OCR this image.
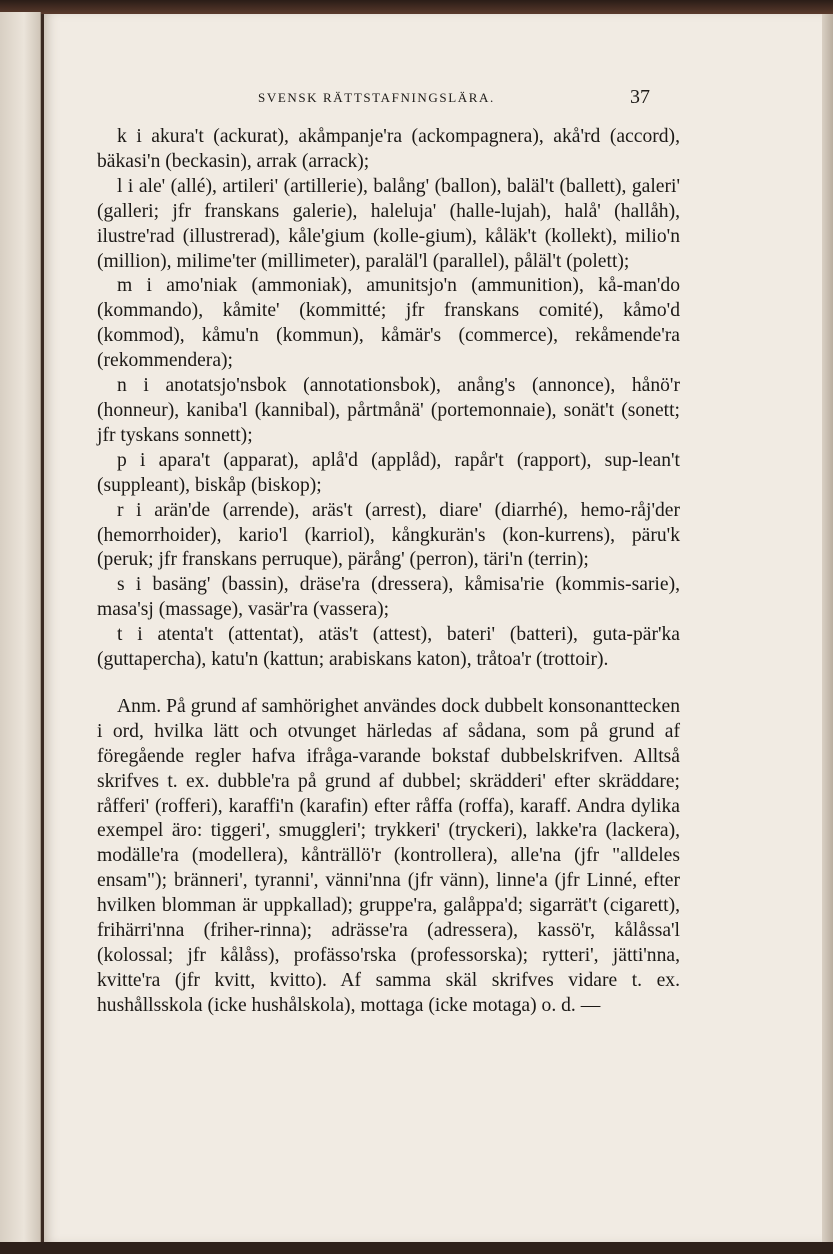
SVENSK RÄTTSTAFNINGSLÄRA.	37

k i akura't (ackurat), akåmpanje'ra (ackompagnera), akå'rd (accord), bäkasi'n (beckasin), arrak (arrack);

l i ale' (allé), artileri' (artillerie), balång' (ballon), baläl't (ballett), galeri' (galleri; jfr franskans galerie), haleluja' (halle-lujah), halå' (hallåh), ilustre'rad (illustrerad), kåle'gium (kolle-gium), kåläk't (kollekt), milio'n (million), milime'ter (millimeter), paraläl'l (parallel), påläl't (polett);

m i amo'niak (ammoniak), amunitsjo'n (ammunition), kå-man'do (kommando), kåmite' (kommitté; jfr franskans comité), kåmo'd (kommod), kåmu'n (kommun), kåmär's (commerce), rekåmende'ra (rekommendera);

n i anotatsjo'nsbok (annotationsbok), anång's (annonce), hånö'r (honneur), kaniba'l (kannibal), pårtmånä' (portemonnaie), sonät't (sonett; jfr tyskans sonnett);

p i apara't (apparat), aplå'd (applåd), rapår't (rapport), sup-lean't (suppleant), biskåp (biskop);

r i arän'de (arrende), aräs't (arrest), diare' (diarrhé), hemo-råj'der (hemorrhoider), kario'l (karriol), kångkurän's (kon-kurrens), päru'k (peruk; jfr franskans perruque), pärång' (perron), täri'n (terrin);

s i basäng' (bassin), dräse'ra (dressera), kåmisa'rie (kommis-sarie), masa'sj (massage), vasär'ra (vassera);

t i atenta't (attentat), atäs't (attest), bateri' (batteri), guta-pär'ka (guttapercha), katu'n (kattun; arabiskans katon), tråtoa'r (trottoir).

Anm. På grund af samhörighet användes dock dubbelt konsonanttecken i ord, hvilka lätt och otvunget härledas af sådana, som på grund af föregående regler hafva ifråga-varande bokstaf dubbelskrifven. Alltså skrifves t. ex. dubble'ra på grund af dubbel; skrädderi' efter skräddare; råfferi' (rofferi), karaffi'n (karafin) efter råffa (roffa), karaff. Andra dylika exempel äro: tiggeri', smuggleri'; trykkeri' (tryckeri), lakke'ra (lackera), modälle'ra (modellera), kånträllö'r (kontrollera), alle'na (jfr "alldeles ensam"); bränneri', tyranni', vänni'nna (jfr vänn), linne'a (jfr Linné, efter hvilken blomman är uppkallad); gruppe'ra, galåppa'd; sigarrät't (cigarett), frihärri'nna (friher-rinna); adrässe'ra (adressera), kassö'r, kålåssa'l (kolossal; jfr kålåss), profässo'rska (professorska); rytteri', jätti'nna, kvitte'ra (jfr kvitt, kvitto). Af samma skäl skrifves vidare t. ex. hushållsskola (icke hushålskola), mottaga (icke motaga) o. d. —
